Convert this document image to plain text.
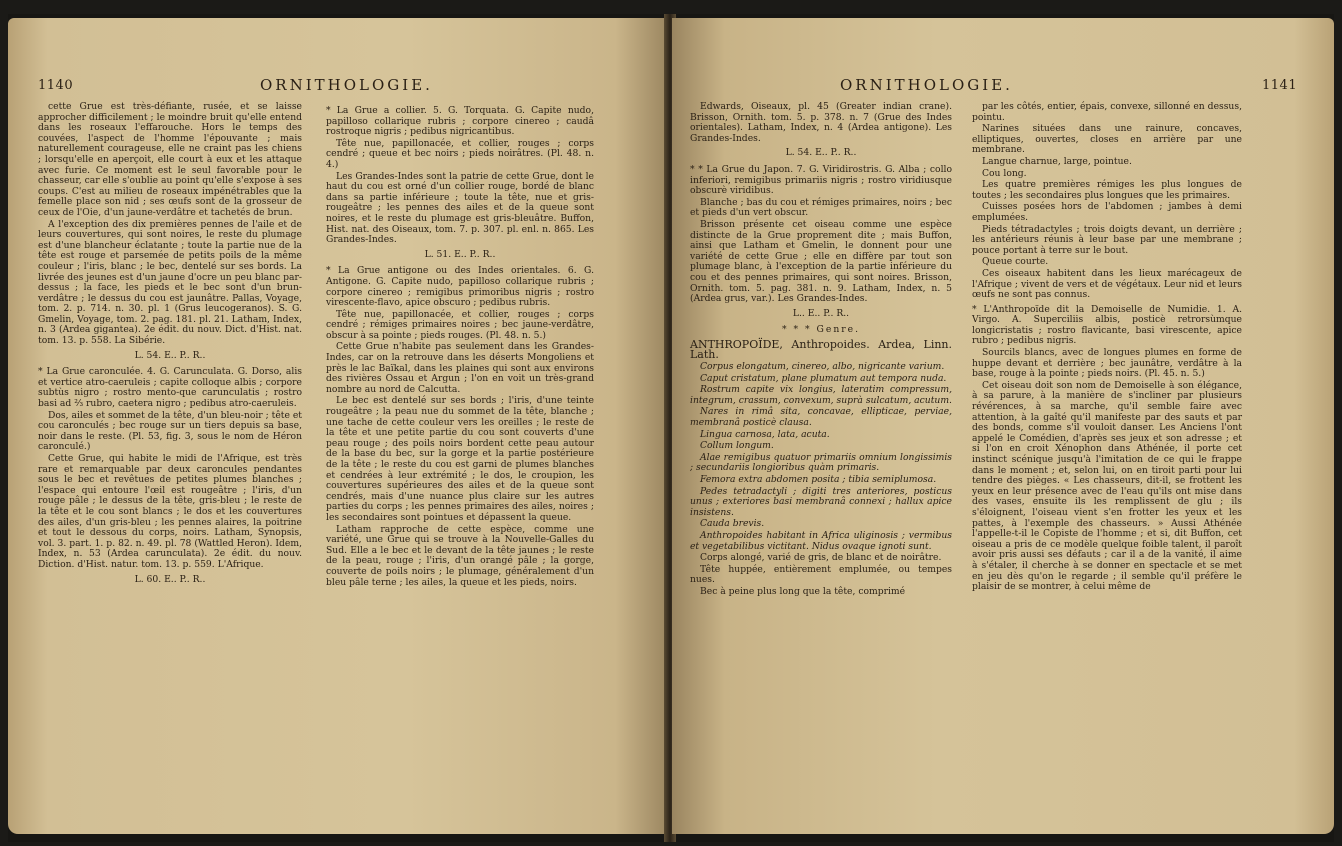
1140	ORNITHOLOGIE.

cette Grue est très-défiante, rusée, et se laisse approcher difficilement ; le moindre bruit qu'elle entend dans les roseaux l'effarouche. Hors le temps des couvées, l'aspect de l'homme l'épouvante ; mais naturellement courageuse, elle ne craint pas les chiens ; lorsqu'elle en aperçoit, elle court à eux et les attaque avec furie. Ce moment est le seul favorable pour le chasseur, car elle s'oublie au point qu'elle s'expose à ses coups. C'est au milieu de roseaux impénétrables que la femelle place son nid ; ses œufs sont de la grosseur de ceux de l'Oie, d'un jaune-verdâtre et tachetés de brun.

A l'exception des dix premières pennes de l'aile et de leurs couvertures, qui sont noires, le reste du plumage est d'une blancheur éclatante ; toute la partie nue de la tête est rouge et parsemée de petits poils de la même couleur ; l'iris, blanc ; le bec, dentelé sur ses bords. La livrée des jeunes est d'un jaune d'ocre un peu blanc par-dessus ; la face, les pieds et le bec sont d'un brun-verdâtre ; le dessus du cou est jaunâtre. Pallas, Voyage, tom. 2. p. 714. n. 30. pl. 1 (Grus leucogeranos). S. G. Gmelin, Voyage, tom. 2. pag. 181. pl. 21. Latham, Index, n. 3 (Ardea gigantea). 2e édit. du nouv. Dict. d'Hist. nat. tom. 13. p. 558. La Sibérie.

L. 54. E.. P.. R..

* La Grue caronculée. 4. G. Carunculata. G. Dorso, alis et vertice atro-caeruleis ; capite colloque albis ; corpore subtùs nigro ; rostro mento-que carunculatis ; rostro basi ad ⅔ rubro, caetera nigro ; pedibus atro-caeruleis.

Dos, ailes et sommet de la tête, d'un bleu-noir ; tête et cou caronculés ; bec rouge sur un tiers depuis sa base, noir dans le reste. (Pl. 53, fig. 3, sous le nom de Héron caronculé.)

Cette Grue, qui habite le midi de l'Afrique, est très rare et remarquable par deux caroncules pendantes sous le bec et revêtues de petites plumes blanches ; l'espace qui entoure l'œil est rougeâtre ; l'iris, d'un rouge pâle ; le dessus de la tête, gris-bleu ; le reste de la tête et le cou sont blancs ; le dos et les couvertures des ailes, d'un gris-bleu ; les pennes alaires, la poitrine et tout le dessous du corps, noirs. Latham, Synopsis, vol. 3. part. 1. p. 82. n. 49. pl. 78 (Wattled Heron). Idem, Index, n. 53 (Ardea carunculata). 2e édit. du nouv. Diction. d'Hist. natur. tom. 13. p. 559. L'Afrique.

L. 60. E.. P.. R..

* La Grue a collier. 5. G. Torquata. G. Capite nudo, papilloso collarique rubris ; corpore cinereo ; caudâ rostroque nigris ; pedibus nigricantibus.

Tête nue, papillonacée, et collier, rouges ; corps cendré ; queue et bec noirs ; pieds noirâtres. (Pl. 48. n. 4.)

Les Grandes-Indes sont la patrie de cette Grue, dont le haut du cou est orné d'un collier rouge, bordé de blanc dans sa partie inférieure ; toute la tête, nue et gris-rougeâtre ; les pennes des ailes et de la queue sont noires, et le reste du plumage est gris-bleuâtre. Buffon, Hist. nat. des Oiseaux, tom. 7. p. 307. pl. enl. n. 865. Les Grandes-Indes.

L. 51. E.. P.. R..

* La Grue antigone ou des Indes orientales. 6. G. Antigone. G. Capite nudo, papilloso collarique rubris ; corpore cinereo ; remigibus primoribus nigris ; rostro virescente-flavo, apice obscuro ; pedibus rubris.

Tête nue, papillonacée, et collier, rouges ; corps cendré ; rémiges primaires noires ; bec jaune-verdâtre, obscur à sa pointe ; pieds rouges. (Pl. 48. n. 5.)

Cette Grue n'habite pas seulement dans les Grandes-Indes, car on la retrouve dans les déserts Mongoliens et près le lac Baïkal, dans les plaines qui sont aux environs des rivières Ossau et Argun ; l'on en voit un très-grand nombre au nord de Calcutta.

Le bec est dentelé sur ses bords ; l'iris, d'une teinte rougeâtre ; la peau nue du sommet de la tête, blanche ; une tache de cette couleur vers les oreilles ; le reste de la tête et une petite partie du cou sont couverts d'une peau rouge ; des poils noirs bordent cette peau autour de la base du bec, sur la gorge et la partie postérieure de la tête ; le reste du cou est garni de plumes blanches et cendrées à leur extrémité ; le dos, le croupion, les couvertures supérieures des ailes et de la queue sont cendrés, mais d'une nuance plus claire sur les autres parties du corps ; les pennes primaires des ailes, noires ; les secondaires sont pointues et dépassent la queue.

Latham rapproche de cette espèce, comme une variété, une Grue qui se trouve à la Nouvelle-Galles du Sud. Elle a le bec et le devant de la tête jaunes ; le reste de la peau, rouge ; l'iris, d'un orangé pâle ; la gorge, couverte de poils noirs ; le plumage, généralement d'un bleu pâle terne ; les ailes, la queue et les pieds, noirs.

ORNITHOLOGIE.	1141

Edwards, Oiseaux, pl. 45 (Greater indian crane). Brisson, Ornith. tom. 5. p. 378. n. 7 (Grue des Indes orientales). Latham, Index, n. 4 (Ardea antigone). Les Grandes-Indes.

L. 54. E.. P.. R..

* * La Grue du Japon. 7. G. Viridirostris. G. Alba ; collo inferiori, remigibus primariis nigris ; rostro viridiusque obscurè viridibus.

Blanche ; bas du cou et rémiges primaires, noirs ; bec et pieds d'un vert obscur.

Brisson présente cet oiseau comme une espèce distincte de la Grue proprement dite ; mais Buffon, ainsi que Latham et Gmelin, le donnent pour une variété de cette Grue ; elle en diffère par tout son plumage blanc, à l'exception de la partie inférieure du cou et des pennes primaires, qui sont noires. Brisson, Ornith. tom. 5. pag. 381. n. 9. Latham, Index, n. 5 (Ardea grus, var.). Les Grandes-Indes.

L.. E.. P.. R..

* * * Genre.

ANTHROPOÏDE, Anthropoides. Ardea, Linn. Lath.

Corpus elongatum, cinereo, albo, nigricante varium.

Caput cristatum, plane plumatum aut tempora nuda.

Rostrum capite vix longius, lateratim compressum, integrum, crassum, convexum, suprà sulcatum, acutum.

Nares in rimâ sita, concavae, ellipticae, perviae, membranâ posticè clausa.

Lingua carnosa, lata, acuta.

Collum longum.

Alae remigibus quatuor primariis omnium longissimis ; secundariis longioribus quàm primaris.

Femora extra abdomen posita ; tibia semiplumosa.

Pedes tetradactyli ; digiti tres anteriores, posticus unus ; exteriores basi membranâ connexi ; hallux apice insistens.

Cauda brevis.

Anthropoides habitant in Africa uliginosis ; vermibus et vegetabilibus victitant. Nidus ovaque ignoti sunt.

Corps alongé, varié de gris, de blanc et de noirâtre.

Tête huppée, entièrement emplumée, ou tempes nues.

Bec à peine plus long que la tête, comprimé

par les côtés, entier, épais, convexe, sillonné en dessus, pointu.

Narines situées dans une rainure, concaves, elliptiques, ouvertes, closes en arrière par une membrane.

Langue charnue, large, pointue.

Cou long.

Les quatre premières rémiges les plus longues de toutes ; les secondaires plus longues que les primaires.

Cuisses posées hors de l'abdomen ; jambes à demi emplumées.

Pieds tétradactyles ; trois doigts devant, un derrière ; les antérieurs réunis à leur base par une membrane ; pouce portant à terre sur le bout.

Queue courte.

Ces oiseaux habitent dans les lieux marécageux de l'Afrique ; vivent de vers et de végétaux. Leur nid et leurs œufs ne sont pas connus.

* L'Anthropoïde dit la Demoiselle de Numidie. 1. A. Virgo. A. Superciliis albis, posticè retrorsùmque longicristatis ; rostro flavicante, basi virescente, apice rubro ; pedibus nigris.

Sourcils blancs, avec de longues plumes en forme de huppe devant et derrière ; bec jaunâtre, verdâtre à la base, rouge à la pointe ; pieds noirs. (Pl. 45. n. 5.)

Cet oiseau doit son nom de Demoiselle à son élégance, à sa parure, à la manière de s'incliner par plusieurs révérences, à sa marche, qu'il semble faire avec attention, à la gaîté qu'il manifeste par des sauts et par des bonds, comme s'il vouloit danser. Les Anciens l'ont appelé le Comédien, d'après ses jeux et son adresse ; et si l'on en croit Xénophon dans Athénée, il porte cet instinct scénique jusqu'à l'imitation de ce qui le frappe dans le moment ; et, selon lui, on en tiroit parti pour lui tendre des pièges. « Les chasseurs, dit-il, se frottent les yeux en leur présence avec de l'eau qu'ils ont mise dans des vases, ensuite ils les remplissent de glu ; ils s'éloignent, l'oiseau vient s'en frotter les yeux et les pattes, à l'exemple des chasseurs. » Aussi Athénée l'appelle-t-il le Copiste de l'homme ; et si, dit Buffon, cet oiseau a pris de ce modèle quelque foible talent, il paroît avoir pris aussi ses défauts ; car il a de la vanité, il aime à s'étaler, il cherche à se donner en spectacle et se met en jeu dès qu'on le regarde ; il semble qu'il préfère le plaisir de se montrer, à celui même de
